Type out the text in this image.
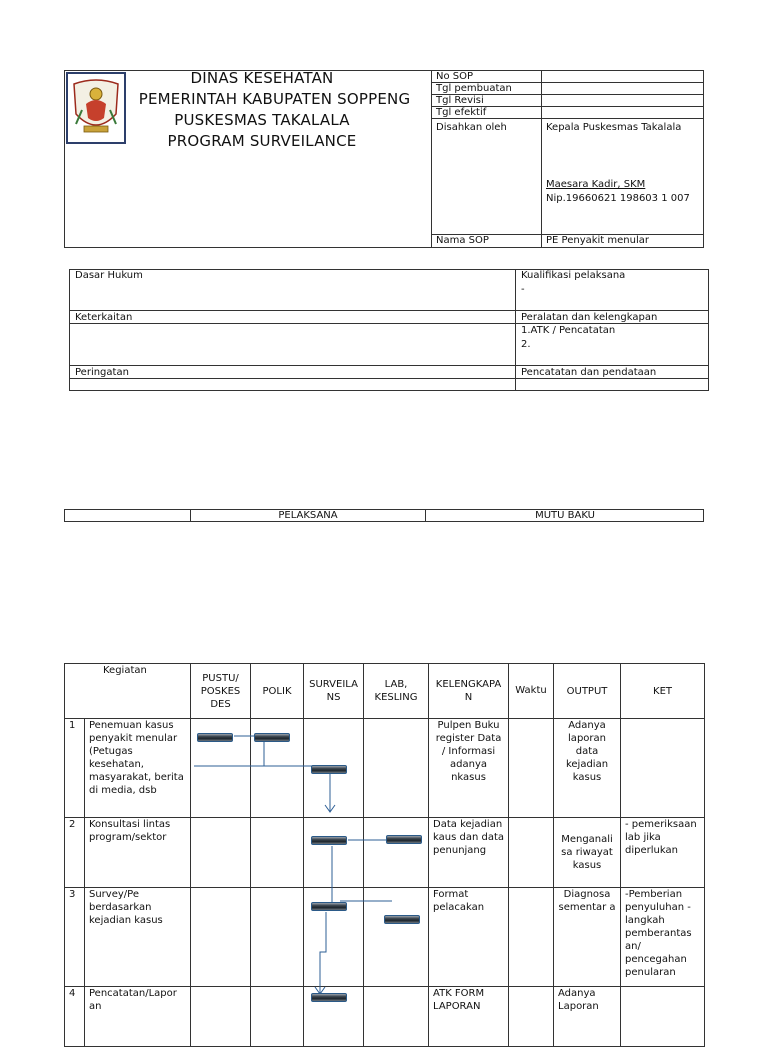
DINAS KESEHATAN
PEMERINTAH KABUPATEN SOPPENG
PUSKESMAS TAKALALA
PROGRAM SURVEILANCE
No SOP
Tgl pembuatan
Tgl Revisi
Tgl efektif
Disahkan oleh	Kepala Puskesmas Takalala
Maesara Kadir, SKM
Nip.19660621 198603 1 007
Nama SOP	PE Penyakit menular
Dasar Hukum	Kualifikasi pelaksana
-
Keterkaitan	Peralatan dan kelengkapan
1.ATK / Pencatatan
2.
Peringatan	Pencatatan dan pendataan
PELAKSANA	MUTU BAKU
Kegiatan		PUSTU/ POSKES DES	POLIK	SURVEILA NS	LAB, KESLING	KELENGKAPA N	Waktu	OUTPUT	KET
1	Penemuan kasus penyakit menular (Petugas kesehatan, masyarakat, berita di media, dsb					Pulpen Buku register Data / Informasi adanya nkasus		Adanya laporan data kejadian kasus	
2	Konsultasi lintas program/sektor					Data kejadian kaus dan data penunjang		Menganali sa riwayat kasus	- pemeriksaan lab jika diperlukan
3	Survey/Pe berdasarkan kejadian kasus					Format pelacakan		Diagnosa sementar a	-Pemberian penyuluhan -langkah pemberantas an/ pencegahan penularan
4	Pencatatan/Lapor an					ATK FORM LAPORAN		Adanya Laporan	
